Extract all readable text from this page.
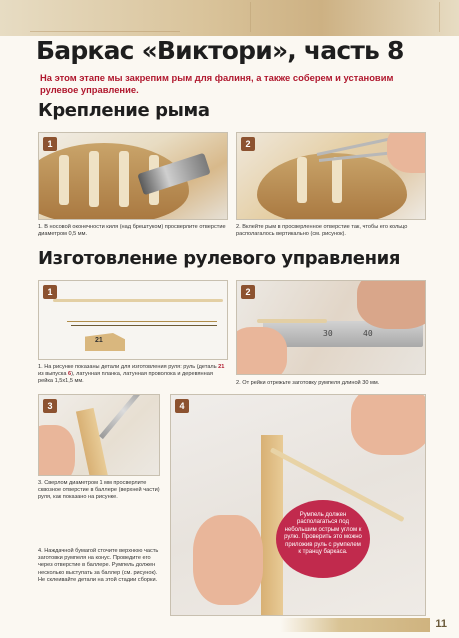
Баркас «Виктори», часть 8
На этом этапе мы закрепим рым для фалиня, а также соберем и установим рулевое управление.
Крепление рыма
1
1. В носовой оконечности киля (над брештуком) просверлите отверстие диаметром 0,5 мм.
2
2. Вклейте рым в просверленное отверстие так, чтобы его кольцо располагалось вертикально (см. рисунок).
Изготовление рулевого управления
1
21
1. На рисунке показаны детали для изготовления руля: руль (деталь 21 из выпуска 6), латунная планка, латунная проволока и деревянная рейка 1,5x1,5 мм.
2
30	40
2. От рейки отрежьте заготовку румпеля длиной 30 мм.
3
3. Сверлом диаметром 1 мм просверлите сквозное отверстие в баллере (верхней части) руля, как показано на рисунке.
4
4. Наждачной бумагой сточите верхнюю часть заготовки румпеля на конус. Проведите его через отверстие в баллере. Румпель должен несколько выступать за баллер (см. рисунок). Не склеивайте детали на этой стадии сборки.
Румпель должен располагаться под небольшим острым углом к рулю. Проверить это можно приложив руль с румпелем к транцу баркаса.
11
